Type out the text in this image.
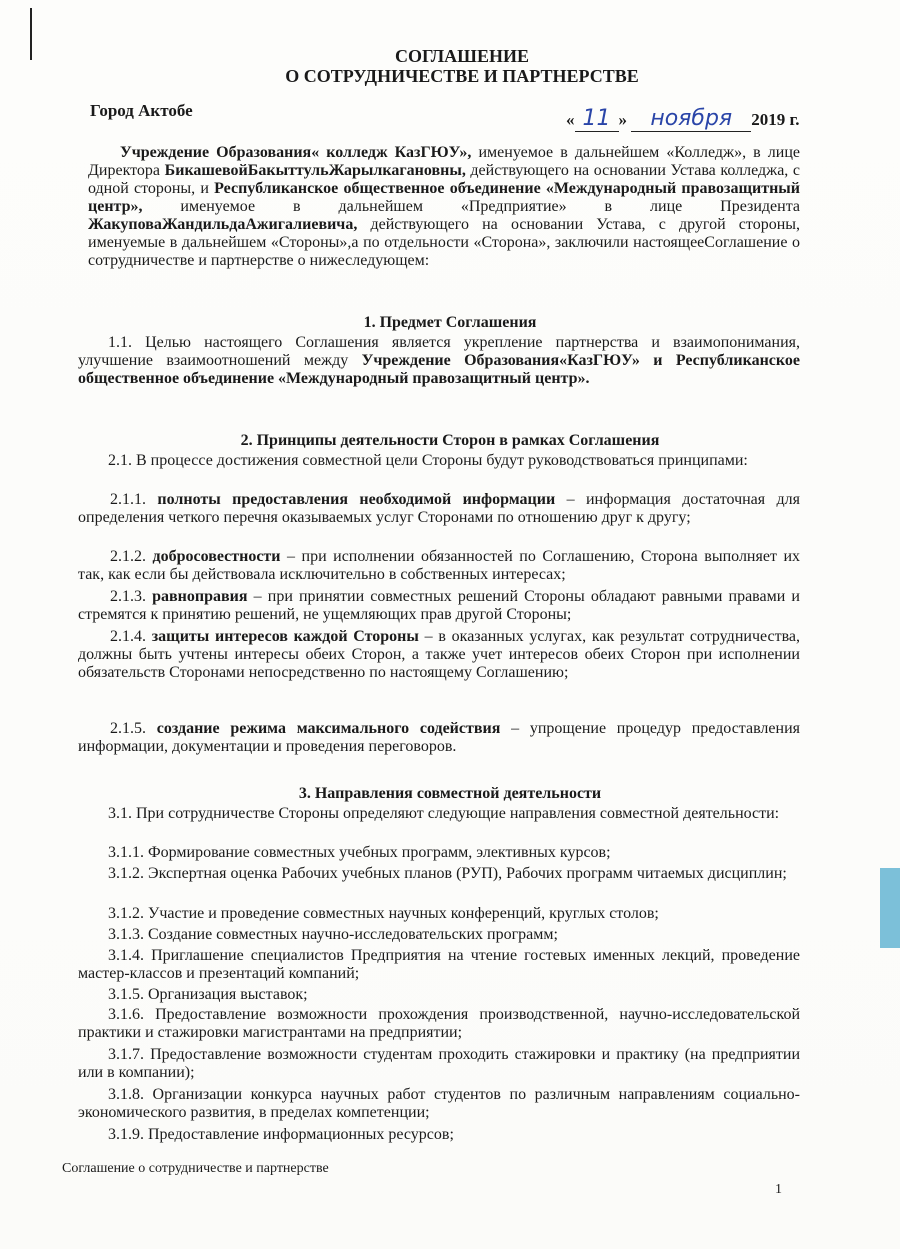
СОГЛАШЕНИЕ
О СОТРУДНИЧЕСТВЕ И ПАРТНЕРСТВЕ
Город Актобе	« 11 » ноября 2019 г.
Учреждение Образования« колледж КазГЮУ», именуемое в дальнейшем «Колледж», в лице Директора БикашевойБакыттульЖарылкагановны, действующего на основании Устава колледжа, с одной стороны, и Республиканское общественное объединение «Международный правозащитный центр», именуемое в дальнейшем «Предприятие» в лице Президента ЖакуповаЖандильдаАжигалиевича, действующего на основании Устава, с другой стороны, именуемые в дальнейшем «Стороны»,а по отдельности «Сторона», заключили настоящееСоглашение о сотрудничестве и партнерстве о нижеследующем:
1. Предмет Соглашения
1.1. Целью настоящего Соглашения является укрепление партнерства и взаимопонимания, улучшение взаимоотношений между Учреждение Образования«КазГЮУ» и Республиканское общественное объединение «Международный правозащитный центр».
2. Принципы деятельности Сторон в рамках Соглашения
2.1. В процессе достижения совместной цели Стороны будут руководствоваться принципами:
2.1.1. полноты предоставления необходимой информации – информация достаточная для определения четкого перечня оказываемых услуг Сторонами по отношению друг к другу;
2.1.2. добросовестности – при исполнении обязанностей по Соглашению, Сторона выполняет их так, как если бы действовала исключительно в собственных интересах;
2.1.3. равноправия – при принятии совместных решений Стороны обладают равными правами и стремятся к принятию решений, не ущемляющих прав другой Стороны;
2.1.4. защиты интересов каждой Стороны – в оказанных услугах, как результат сотрудничества, должны быть учтены интересы обеих Сторон, а также учет интересов обеих Сторон при исполнении обязательств Сторонами непосредственно по настоящему Соглашению;
2.1.5. создание режима максимального содействия – упрощение процедур предоставления информации, документации и проведения переговоров.
3. Направления совместной деятельности
3.1. При сотрудничестве Стороны определяют следующие направления совместной деятельности:
3.1.1. Формирование совместных учебных программ, элективных курсов;
3.1.2. Экспертная оценка Рабочих учебных планов (РУП), Рабочих программ читаемых дисциплин;
3.1.2. Участие и проведение совместных научных конференций, круглых столов;
3.1.3. Создание совместных научно-исследовательских программ;
3.1.4. Приглашение специалистов Предприятия на чтение гостевых именных лекций, проведение мастер-классов и презентаций компаний;
3.1.5. Организация выставок;
3.1.6. Предоставление возможности прохождения производственной, научно-исследовательской практики и стажировки магистрантами на предприятии;
3.1.7. Предоставление возможности студентам проходить стажировки и практику (на предприятии или в компании);
3.1.8. Организации конкурса научных работ студентов по различным направлениям социально-экономического развития, в пределах компетенции;
3.1.9. Предоставление информационных ресурсов;
Соглашение о сотрудничестве и партнерстве
1
